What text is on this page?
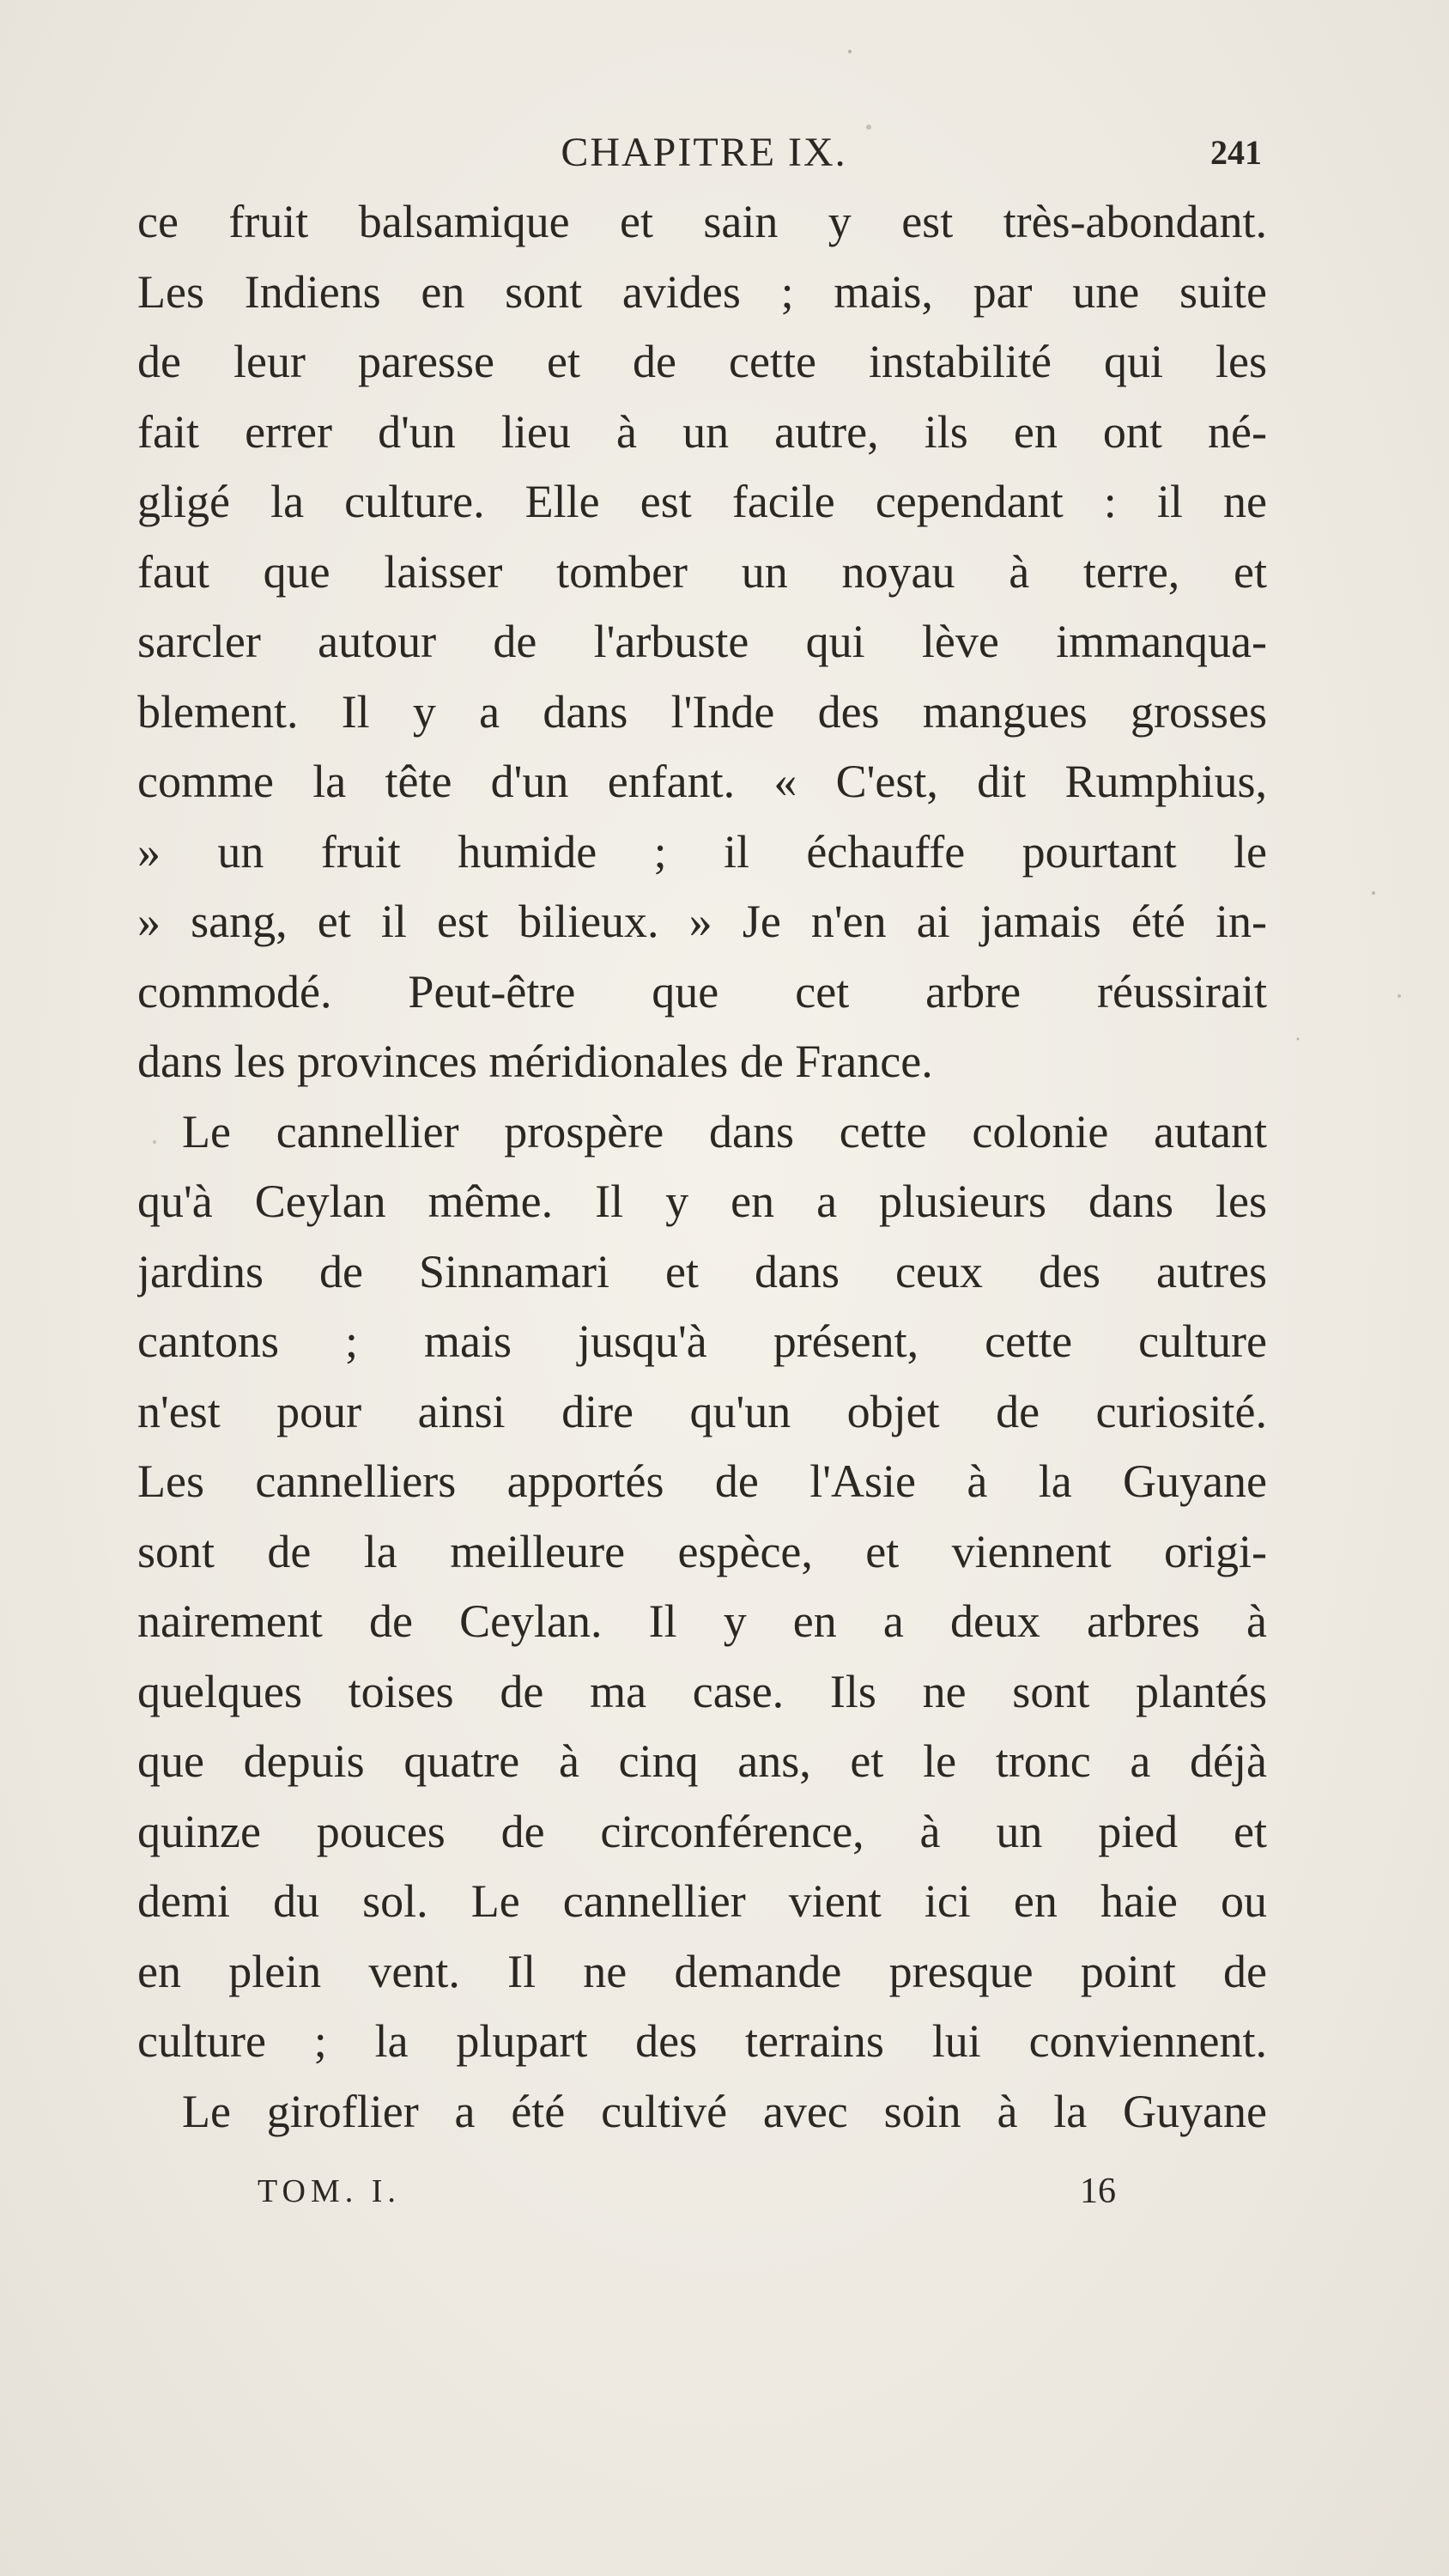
CHAPITRE IX.	241
ce fruit balsamique et sain y est très-abondant.
Les Indiens en sont avides ; mais, par une suite
de leur paresse et de cette instabilité qui les
fait errer d'un lieu à un autre, ils en ont né-
gligé la culture. Elle est facile cependant : il ne
faut que laisser tomber un noyau à terre, et
sarcler autour de l'arbuste qui lève immanqua-
blement. Il y a dans l'Inde des mangues grosses
comme la tête d'un enfant. « C'est, dit Rumphius,
» un fruit humide ; il échauffe pourtant le
» sang, et il est bilieux. » Je n'en ai jamais été in-
commodé. Peut-être que cet arbre réussirait
dans les provinces méridionales de France.
Le cannellier prospère dans cette colonie autant
qu'à Ceylan même. Il y en a plusieurs dans les
jardins de Sinnamari et dans ceux des autres
cantons ; mais jusqu'à présent, cette culture
n'est pour ainsi dire qu'un objet de curiosité.
Les cannelliers apportés de l'Asie à la Guyane
sont de la meilleure espèce, et viennent origi-
nairement de Ceylan. Il y en a deux arbres à
quelques toises de ma case. Ils ne sont plantés
que depuis quatre à cinq ans, et le tronc a déjà
quinze pouces de circonférence, à un pied et
demi du sol. Le cannellier vient ici en haie ou
en plein vent. Il ne demande presque point de
culture ; la plupart des terrains lui conviennent.
Le giroflier a été cultivé avec soin à la Guyane
TOM. I.	16
